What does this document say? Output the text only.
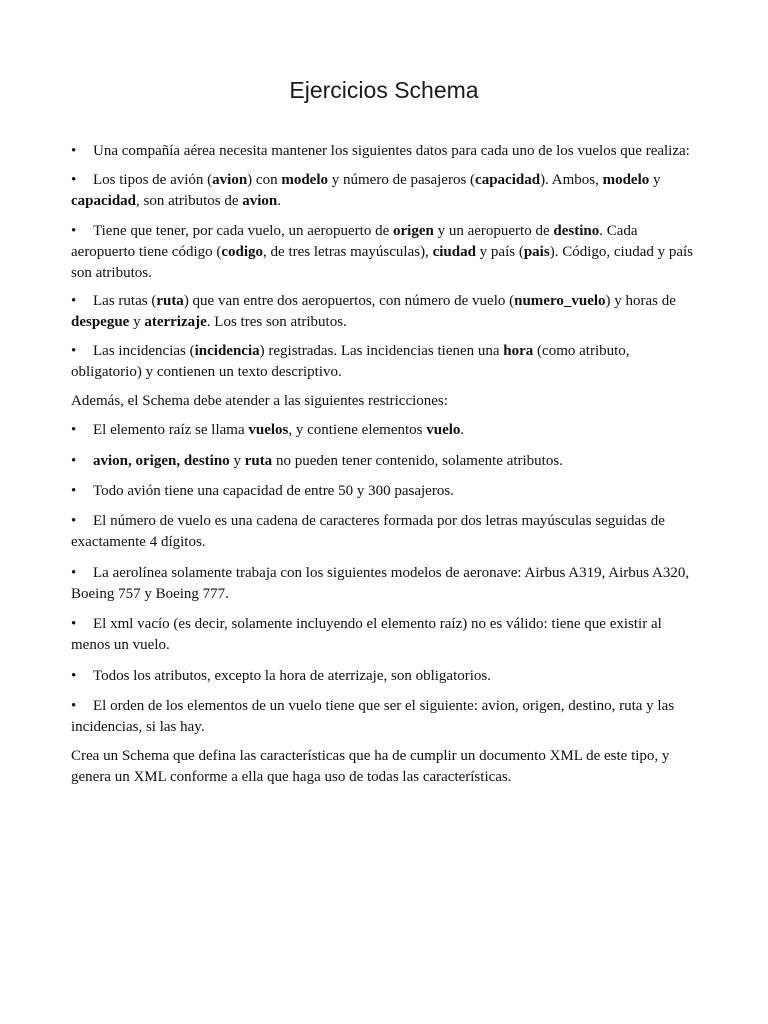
Ejercicios Schema
• Una compañía aérea necesita mantener los siguientes datos para cada uno de los vuelos que realiza:
• Los tipos de avión (avion) con modelo y número de pasajeros (capacidad). Ambos, modelo y capacidad, son atributos de avion.
• Tiene que tener, por cada vuelo, un aeropuerto de origen y un aeropuerto de destino. Cada aeropuerto tiene código (codigo, de tres letras mayúsculas), ciudad y país (pais). Código, ciudad y país son atributos.
• Las rutas (ruta) que van entre dos aeropuertos, con número de vuelo (numero_vuelo) y horas de despegue y aterrizaje. Los tres son atributos.
• Las incidencias (incidencia) registradas. Las incidencias tienen una hora (como atributo, obligatorio) y contienen un texto descriptivo.
Además, el Schema debe atender a las siguientes restricciones:
• El elemento raíz se llama vuelos, y contiene elementos vuelo.
• avion, origen, destino y ruta no pueden tener contenido, solamente atributos.
• Todo avión tiene una capacidad de entre 50 y 300 pasajeros.
• El número de vuelo es una cadena de caracteres formada por dos letras mayúsculas seguidas de exactamente 4 dígitos.
• La aerolínea solamente trabaja con los siguientes modelos de aeronave: Airbus A319, Airbus A320, Boeing 757 y Boeing 777.
• El xml vacío (es decir, solamente incluyendo el elemento raíz) no es válido: tiene que existir al menos un vuelo.
• Todos los atributos, excepto la hora de aterrizaje, son obligatorios.
• El orden de los elementos de un vuelo tiene que ser el siguiente: avion, origen, destino, ruta y las incidencias, si las hay.
Crea un Schema que defina las características que ha de cumplir un documento XML de este tipo, y genera un XML conforme a ella que haga uso de todas las características.
